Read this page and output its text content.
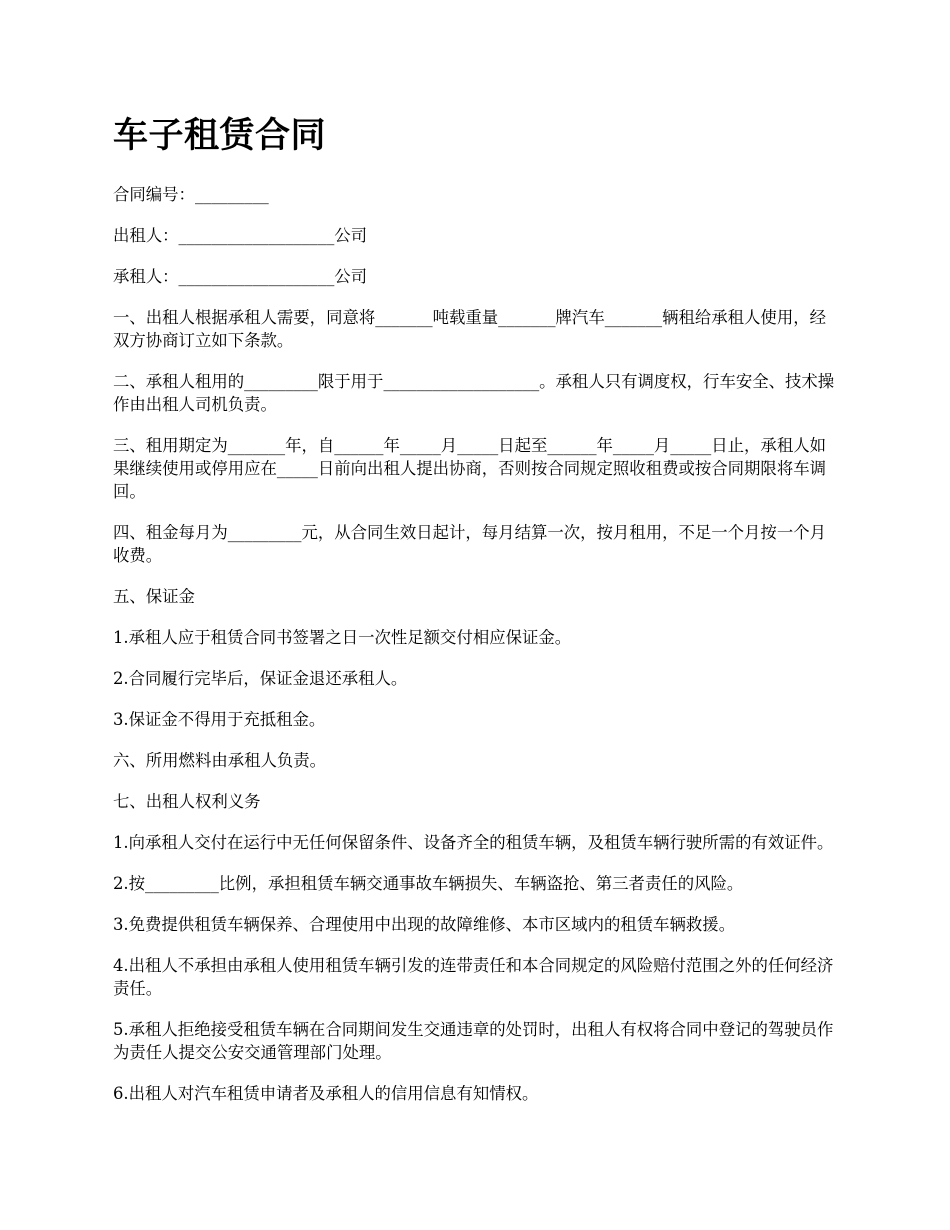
车子租赁合同

合同编号：_________

出租人：___________________公司

承租人：___________________公司

一、出租人根据承租人需要，同意将_______吨载重量_______牌汽车_______辆租给承租人使用，经双方协商订立如下条款。

二、承租人租用的_________限于用于___________________。承租人只有调度权，行车安全、技术操作由出租人司机负责。

三、租用期定为_______年，自______年_____月_____日起至______年_____月_____日止，承租人如果继续使用或停用应在_____日前向出租人提出协商，否则按合同规定照收租费或按合同期限将车调回。

四、租金每月为_________元，从合同生效日起计，每月结算一次，按月租用，不足一个月按一个月收费。

五、保证金

1.承租人应于租赁合同书签署之日一次性足额交付相应保证金。

2.合同履行完毕后，保证金退还承租人。

3.保证金不得用于充抵租金。

六、所用燃料由承租人负责。

七、出租人权利义务

1.向承租人交付在运行中无任何保留条件、设备齐全的租赁车辆，及租赁车辆行驶所需的有效证件。

2.按_________比例，承担租赁车辆交通事故车辆损失、车辆盗抢、第三者责任的风险。

3.免费提供租赁车辆保养、合理使用中出现的故障维修、本市区域内的租赁车辆救援。

4.出租人不承担由承租人使用租赁车辆引发的连带责任和本合同规定的风险赔付范围之外的任何经济责任。

5.承租人拒绝接受租赁车辆在合同期间发生交通违章的处罚时，出租人有权将合同中登记的驾驶员作为责任人提交公安交通管理部门处理。

6.出租人对汽车租赁申请者及承租人的信用信息有知情权。
